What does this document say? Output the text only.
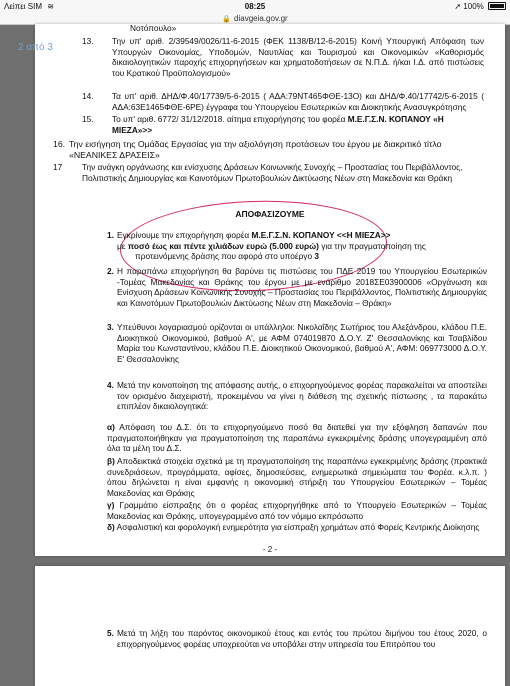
Λείπει SIM ≋	08:25	➚ 100%
🔒 diavgeia.gov.gr
Νοτόπουλο»
13. Την υπ' αριθ. 2/39549/0026/11-6-2015 (ΦΕΚ 1138/Β/12-6-2015) Κοινή Υπουργική Απόφαση των Υπουργών Οικονομίας, Υποδομών, Ναυτιλίας και Τουρισμού και Οικονομικών «Καθορισμός δικαιολογητικών παροχής επιχορηγήσεων και χρηματοδοτήσεων σε Ν.Π.Δ. ή/και Ι.Δ. από πιστώσεις του Κρατικού Προϋπολογισμού»
14. Τα υπ' αριθ. ΔΗΔ/Φ.40/17739/5-6-2015 ( ΑΔΑ:79ΝΤ465ΦΘΕ-13Ο) και ΔΗΔ/Φ.40/17742/5-6-2015 ( ΑΔΑ:63Ε1465ΦΘΕ-6ΡΕ) έγγραφα του Υπουργείου Εσωτερικών και Διοικητικής Ανασυγκρότησης
15. Το υπ' αριθ. 6772/ 31/12/2018. αίτημα επιχορήγησης του φορέα Μ.Ε.Γ.Σ.Ν. ΚΟΠΑΝΟΥ «Η ΜΙΕΖΑ»>>
16. Την εισήγηση της Ομάδας Εργασίας για την αξιολόγηση προτάσεων του έργου με διακριτικό τίτλο «ΝΕΑΝΙΚΕΣ ΔΡΑΣΕΙΣ»
17 Την ανάγκη οργάνωσης και ενίσχυσης Δράσεων Κοινωνικής Συνοχής – Προστασίας του Περιβάλλοντος, Πολιτιστικής Δημιουργίας και Καινοτόμων Πρωτοβουλιών Δικτύωσης Νέων στη Μακεδονία και Θράκη
ΑΠΟΦΑΣΙΖΟΥΜΕ
1. Εγκρίνουμε την επιχορήγηση φορέα Μ.Ε.Γ.Σ.Ν. ΚΟΠΑΝΟΥ <<Η ΜΙΕΖΑ>>
με ποσό έως και πέντε χιλιάδων ευρώ (5.000 ευρώ) για την πραγματοποίηση της
προτεινόμενης δράσης που αφορά στο υποέργο 3
2. Η παραπάνω επιχορήγηση θα βαρύνει τις πιστώσεις του ΠΔΕ 2019 του Υπουργείου Εσωτερικών -Τομέας Μακεδονίας και Θράκης του έργου με με ενάριθμο 2018ΣΕ03900006 «Οργάνωση και Ενίσχυση Δράσεων Κοινωνικής Συνοχής – Προστασίας του Περιβάλλοντος, Πολιτιστικής Δημιουργίας και Καινοτόμων Πρωτοβουλιών Δικτύωσης Νέων στη Μακεδονία – Θράκη»
3. Υπεύθυνοι λογαριασμού ορίζονται οι υπάλληλοι: Νικολαΐδης Σωτήριος του Αλεξάνδρου, κλάδου Π.Ε. Διοικητικού Οικονομικού, βαθμού Α', με ΑΦΜ 074019870 Δ.Ο.Υ. Ζ' Θεσσαλονίκης και Τσαβλίδου Μαρία του Κωνσταντίνου, κλάδου Π.Ε. Διοικητικού Οικονομικού, βαθμού Α', ΑΦΜ: 069773000 Δ.Ο.Υ. Ε' Θεσσαλονίκης
4. Μετά την κοινοποίηση της απόφασης αυτής, ο επιχορηγούμενος φορέας παρακαλείται να αποστείλει τον ορισμένο διαχειριστή, προκειμένου να γίνει η διάθεση της σχετικής πίστωσης , τα παρακάτω επιπλέον δικαιολογητικά:
α) Απόφαση του Δ.Σ. ότι το επιχορηγούμενο ποσό θα διατεθεί για την εξόφληση δαπανών που πραγματοποιήθηκαν για πραγματοποίηση της παραπάνω εγκεκριμένης δράσης υπογεγραμμένη από όλα τα μέλη του Δ.Σ.
β) Αποδεικτικά στοιχεία σχετικά με τη πραγματοποίηση της παραπάνω εγκεκριμένης δράσης (πρακτικά συνεδριάσεων, προγράμματα, αφίσες, δημοσιεύσεις, ενημερωτικά σημειώματα του Φορέα. κ.λ.π. ) όπου δηλώνεται η είναι εμφανής η οικονομική στήριξη του Υπουργείου Εσωτερικών – Τομέας Μακεδονίας και Θράκης
γ) Γραμμάτιο είσπραξης ότι ο φορέας επιχορηγήθηκε από το Υπουργείο Εσωτερικών – Τομέας Μακεδονίας και Θράκης, υπογεγραμμένο από τον νόμιμο εκπρόσωπο
δ) Ασφαλιστική και φορολογική ενημερότητα για είσπραξη χρημάτων από Φορείς Κεντρικής Διοίκησης
- 2 -
2 από 3
5. Μετά τη λήξη του παρόντος οικονομικού έτους και εντός του πρώτου διμήνου του έτους 2020, ο επιχορηγούμενος φορέας υποχρεούται να υποβάλει στην υπηρεσία του Επιτρόπου του
